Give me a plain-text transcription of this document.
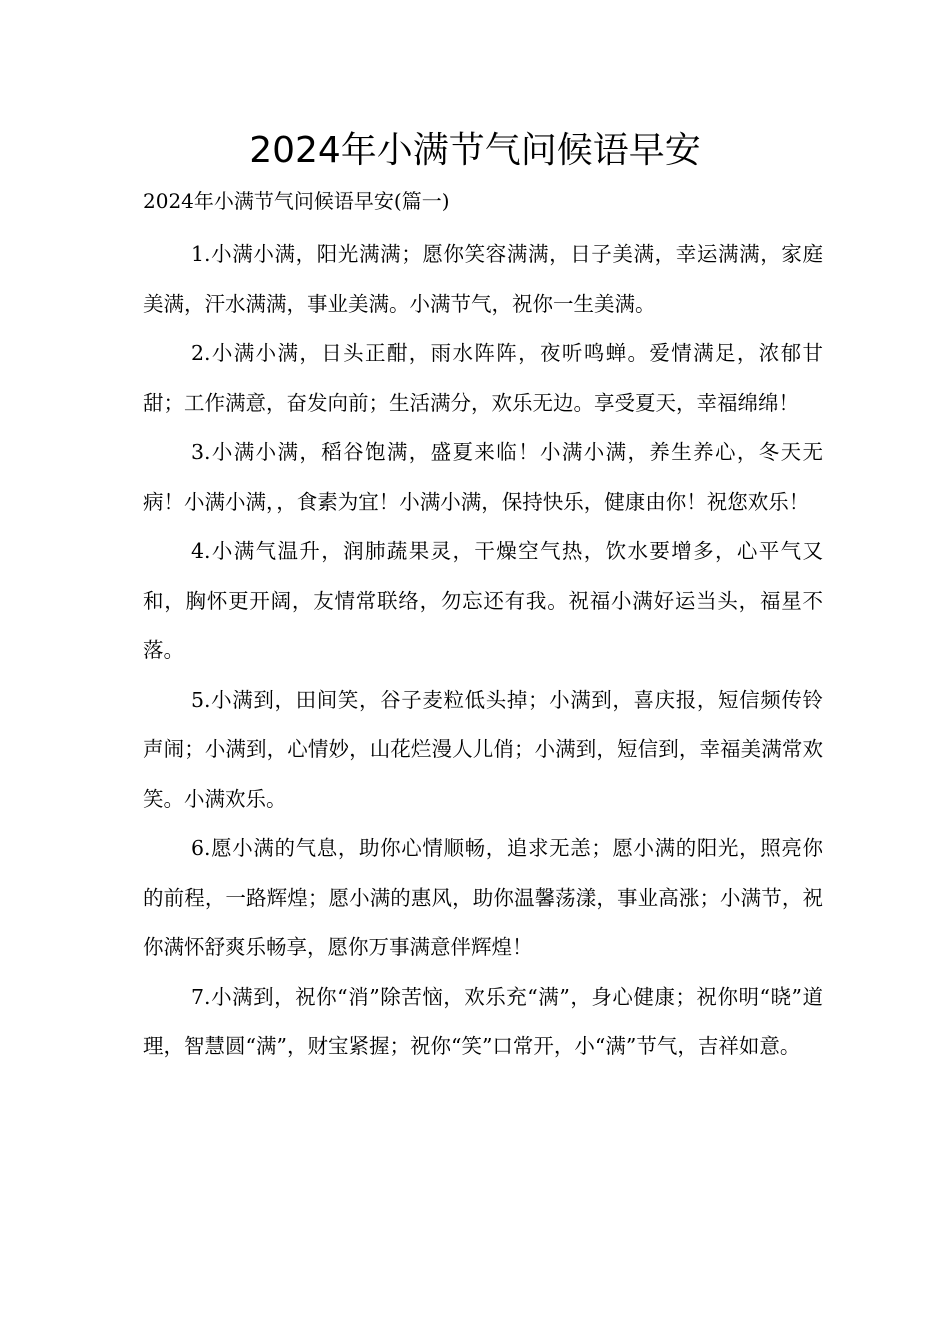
2024年小满节气问候语早安
2024年小满节气问候语早安(篇一)

1.小满小满，阳光满满；愿你笑容满满，日子美满，幸运满满，家庭美满，汗水满满，事业美满。小满节气，祝你一生美满。

2.小满小满，日头正酣，雨水阵阵，夜听鸣蝉。爱情满足，浓郁甘甜；工作满意，奋发向前；生活满分，欢乐无边。享受夏天，幸福绵绵！

3.小满小满，稻谷饱满，盛夏来临！小满小满，养生养心，冬天无病！小满小满，，食素为宜！小满小满，保持快乐，健康由你！祝您欢乐！

4.小满气温升，润肺蔬果灵，干燥空气热，饮水要增多，心平气又和，胸怀更开阔，友情常联络，勿忘还有我。祝福小满好运当头，福星不落。

5.小满到，田间笑，谷子麦粒低头掉；小满到，喜庆报，短信频传铃声闹；小满到，心情妙，山花烂漫人儿俏；小满到，短信到，幸福美满常欢笑。小满欢乐。

6.愿小满的气息，助你心情顺畅，追求无恙；愿小满的阳光，照亮你的前程，一路辉煌；愿小满的惠风，助你温馨荡漾，事业高涨；小满节，祝你满怀舒爽乐畅享，愿你万事满意伴辉煌！

7.小满到，祝你“消”除苦恼，欢乐充“满”，身心健康；祝你明“晓”道理，智慧圆“满”，财宝紧握；祝你“笑”口常开，小“满”节气，吉祥如意。
